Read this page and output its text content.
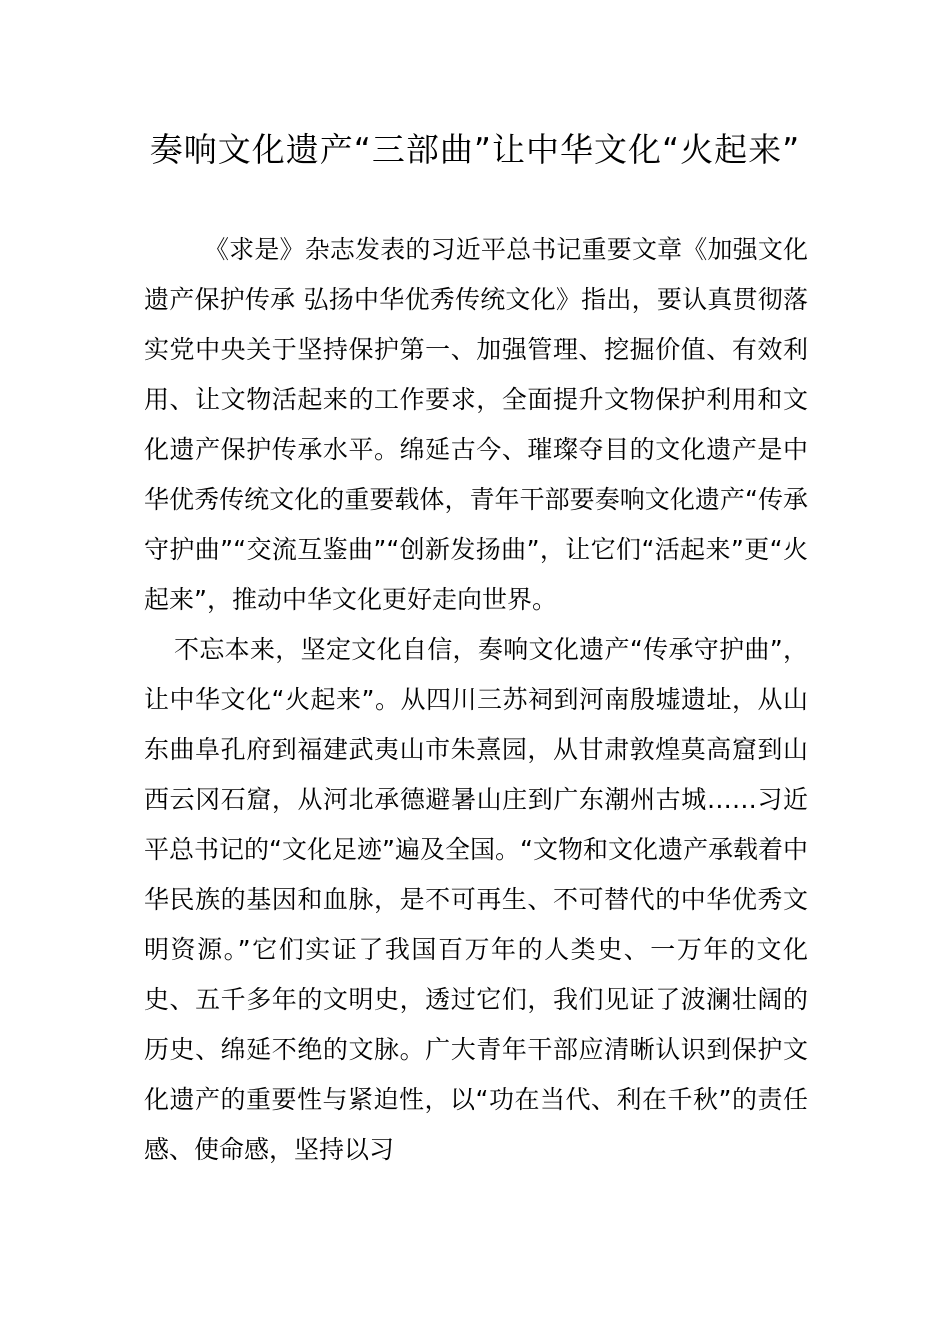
奏响文化遗产“三部曲”让中华文化“火起来”

《求是》杂志发表的习近平总书记重要文章《加强文化遗产保护传承 弘扬中华优秀传统文化》指出，要认真贯彻落实党中央关于坚持保护第一、加强管理、挖掘价值、有效利用、让文物活起来的工作要求，全面提升文物保护利用和文化遗产保护传承水平。绵延古今、璀璨夺目的文化遗产是中华优秀传统文化的重要载体，青年干部要奏响文化遗产“传承守护曲”“交流互鉴曲”“创新发扬曲”，让它们“活起来”更“火起来”，推动中华文化更好走向世界。

不忘本来，坚定文化自信，奏响文化遗产“传承守护曲”，让中华文化“火起来”。从四川三苏祠到河南殷墟遗址，从山东曲阜孔府到福建武夷山市朱熹园，从甘肃敦煌莫高窟到山西云冈石窟，从河北承德避暑山庄到广东潮州古城……习近平总书记的“文化足迹”遍及全国。“文物和文化遗产承载着中华民族的基因和血脉，是不可再生、不可替代的中华优秀文明资源。”它们实证了我国百万年的人类史、一万年的文化史、五千多年的文明史，透过它们，我们见证了波澜壮阔的历史、绵延不绝的文脉。广大青年干部应清晰认识到保护文化遗产的重要性与紧迫性，以“功在当代、利在千秋”的责任感、使命感，坚持以习
